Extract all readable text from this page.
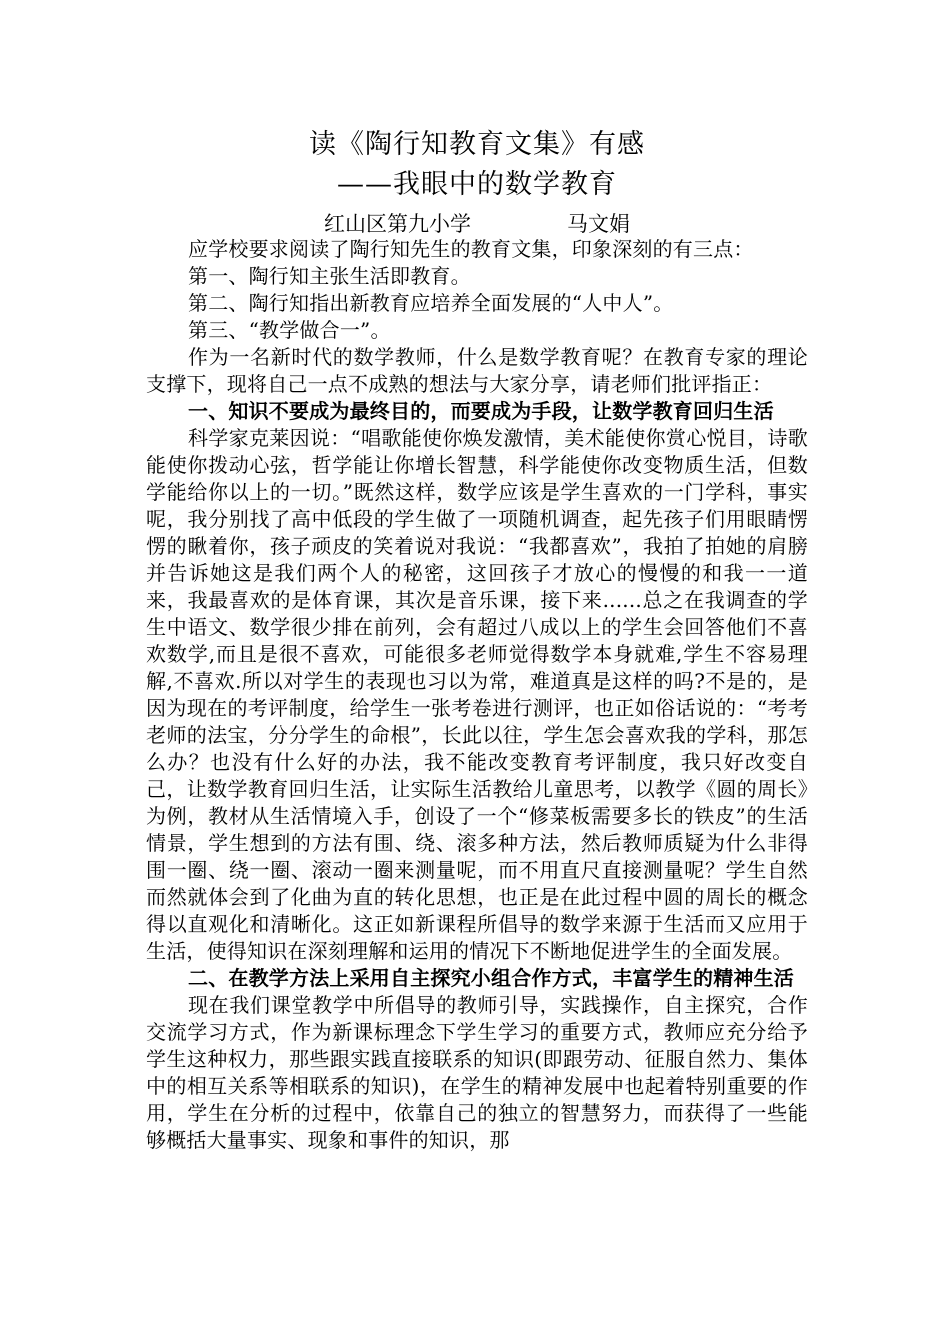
读《陶行知教育文集》有感
——我眼中的数学教育
红山区第九小学	马文娟

应学校要求阅读了陶行知先生的教育文集，印象深刻的有三点：

第一、陶行知主张生活即教育。

第二、陶行知指出新教育应培养全面发展的“人中人”。

第三、“教学做合一”。

作为一名新时代的数学教师，什么是数学教育呢？在教育专家的理论支撑下，现将自己一点不成熟的想法与大家分享，请老师们批评指正：

一、知识不要成为最终目的，而要成为手段，让数学教育回归生活

科学家克莱因说：“唱歌能使你焕发激情，美术能使你赏心悦目，诗歌能使你拨动心弦，哲学能让你增长智慧，科学能使你改变物质生活，但数学能给你以上的一切。”既然这样，数学应该是学生喜欢的一门学科，事实呢，我分别找了高中低段的学生做了一项随机调查，起先孩子们用眼睛愣愣的瞅着你，孩子顽皮的笑着说对我说：“我都喜欢”，我拍了拍她的肩膀并告诉她这是我们两个人的秘密，这回孩子才放心的慢慢的和我一一道来，我最喜欢的是体育课，其次是音乐课，接下来......总之在我调查的学生中语文、数学很少排在前列，会有超过八成以上的学生会回答他们不喜欢数学,而且是很不喜欢，可能很多老师觉得数学本身就难,学生不容易理解,不喜欢.所以对学生的表现也习以为常，难道真是这样的吗?不是的，是因为现在的考评制度，给学生一张考卷进行测评，也正如俗话说的：“考考老师的法宝，分分学生的命根”，长此以往，学生怎会喜欢我的学科，那怎么办？也没有什么好的办法，我不能改变教育考评制度，我只好改变自己，让数学教育回归生活，让实际生活教给儿童思考，以教学《圆的周长》为例，教材从生活情境入手，创设了一个“修菜板需要多长的铁皮”的生活情景，学生想到的方法有围、绕、滚多种方法，然后教师质疑为什么非得围一圈、绕一圈、滚动一圈来测量呢，而不用直尺直接测量呢？学生自然而然就体会到了化曲为直的转化思想，也正是在此过程中圆的周长的概念得以直观化和清晰化。这正如新课程所倡导的数学来源于生活而又应用于生活，使得知识在深刻理解和运用的情况下不断地促进学生的全面发展。

二、在教学方法上采用自主探究小组合作方式，丰富学生的精神生活

现在我们课堂教学中所倡导的教师引导，实践操作，自主探究，合作交流学习方式，作为新课标理念下学生学习的重要方式，教师应充分给予学生这种权力，那些跟实践直接联系的知识(即跟劳动、征服自然力、集体中的相互关系等相联系的知识)，在学生的精神发展中也起着特别重要的作用，学生在分析的过程中，依靠自己的独立的智慧努力，而获得了一些能够概括大量事实、现象和事件的知识，那
